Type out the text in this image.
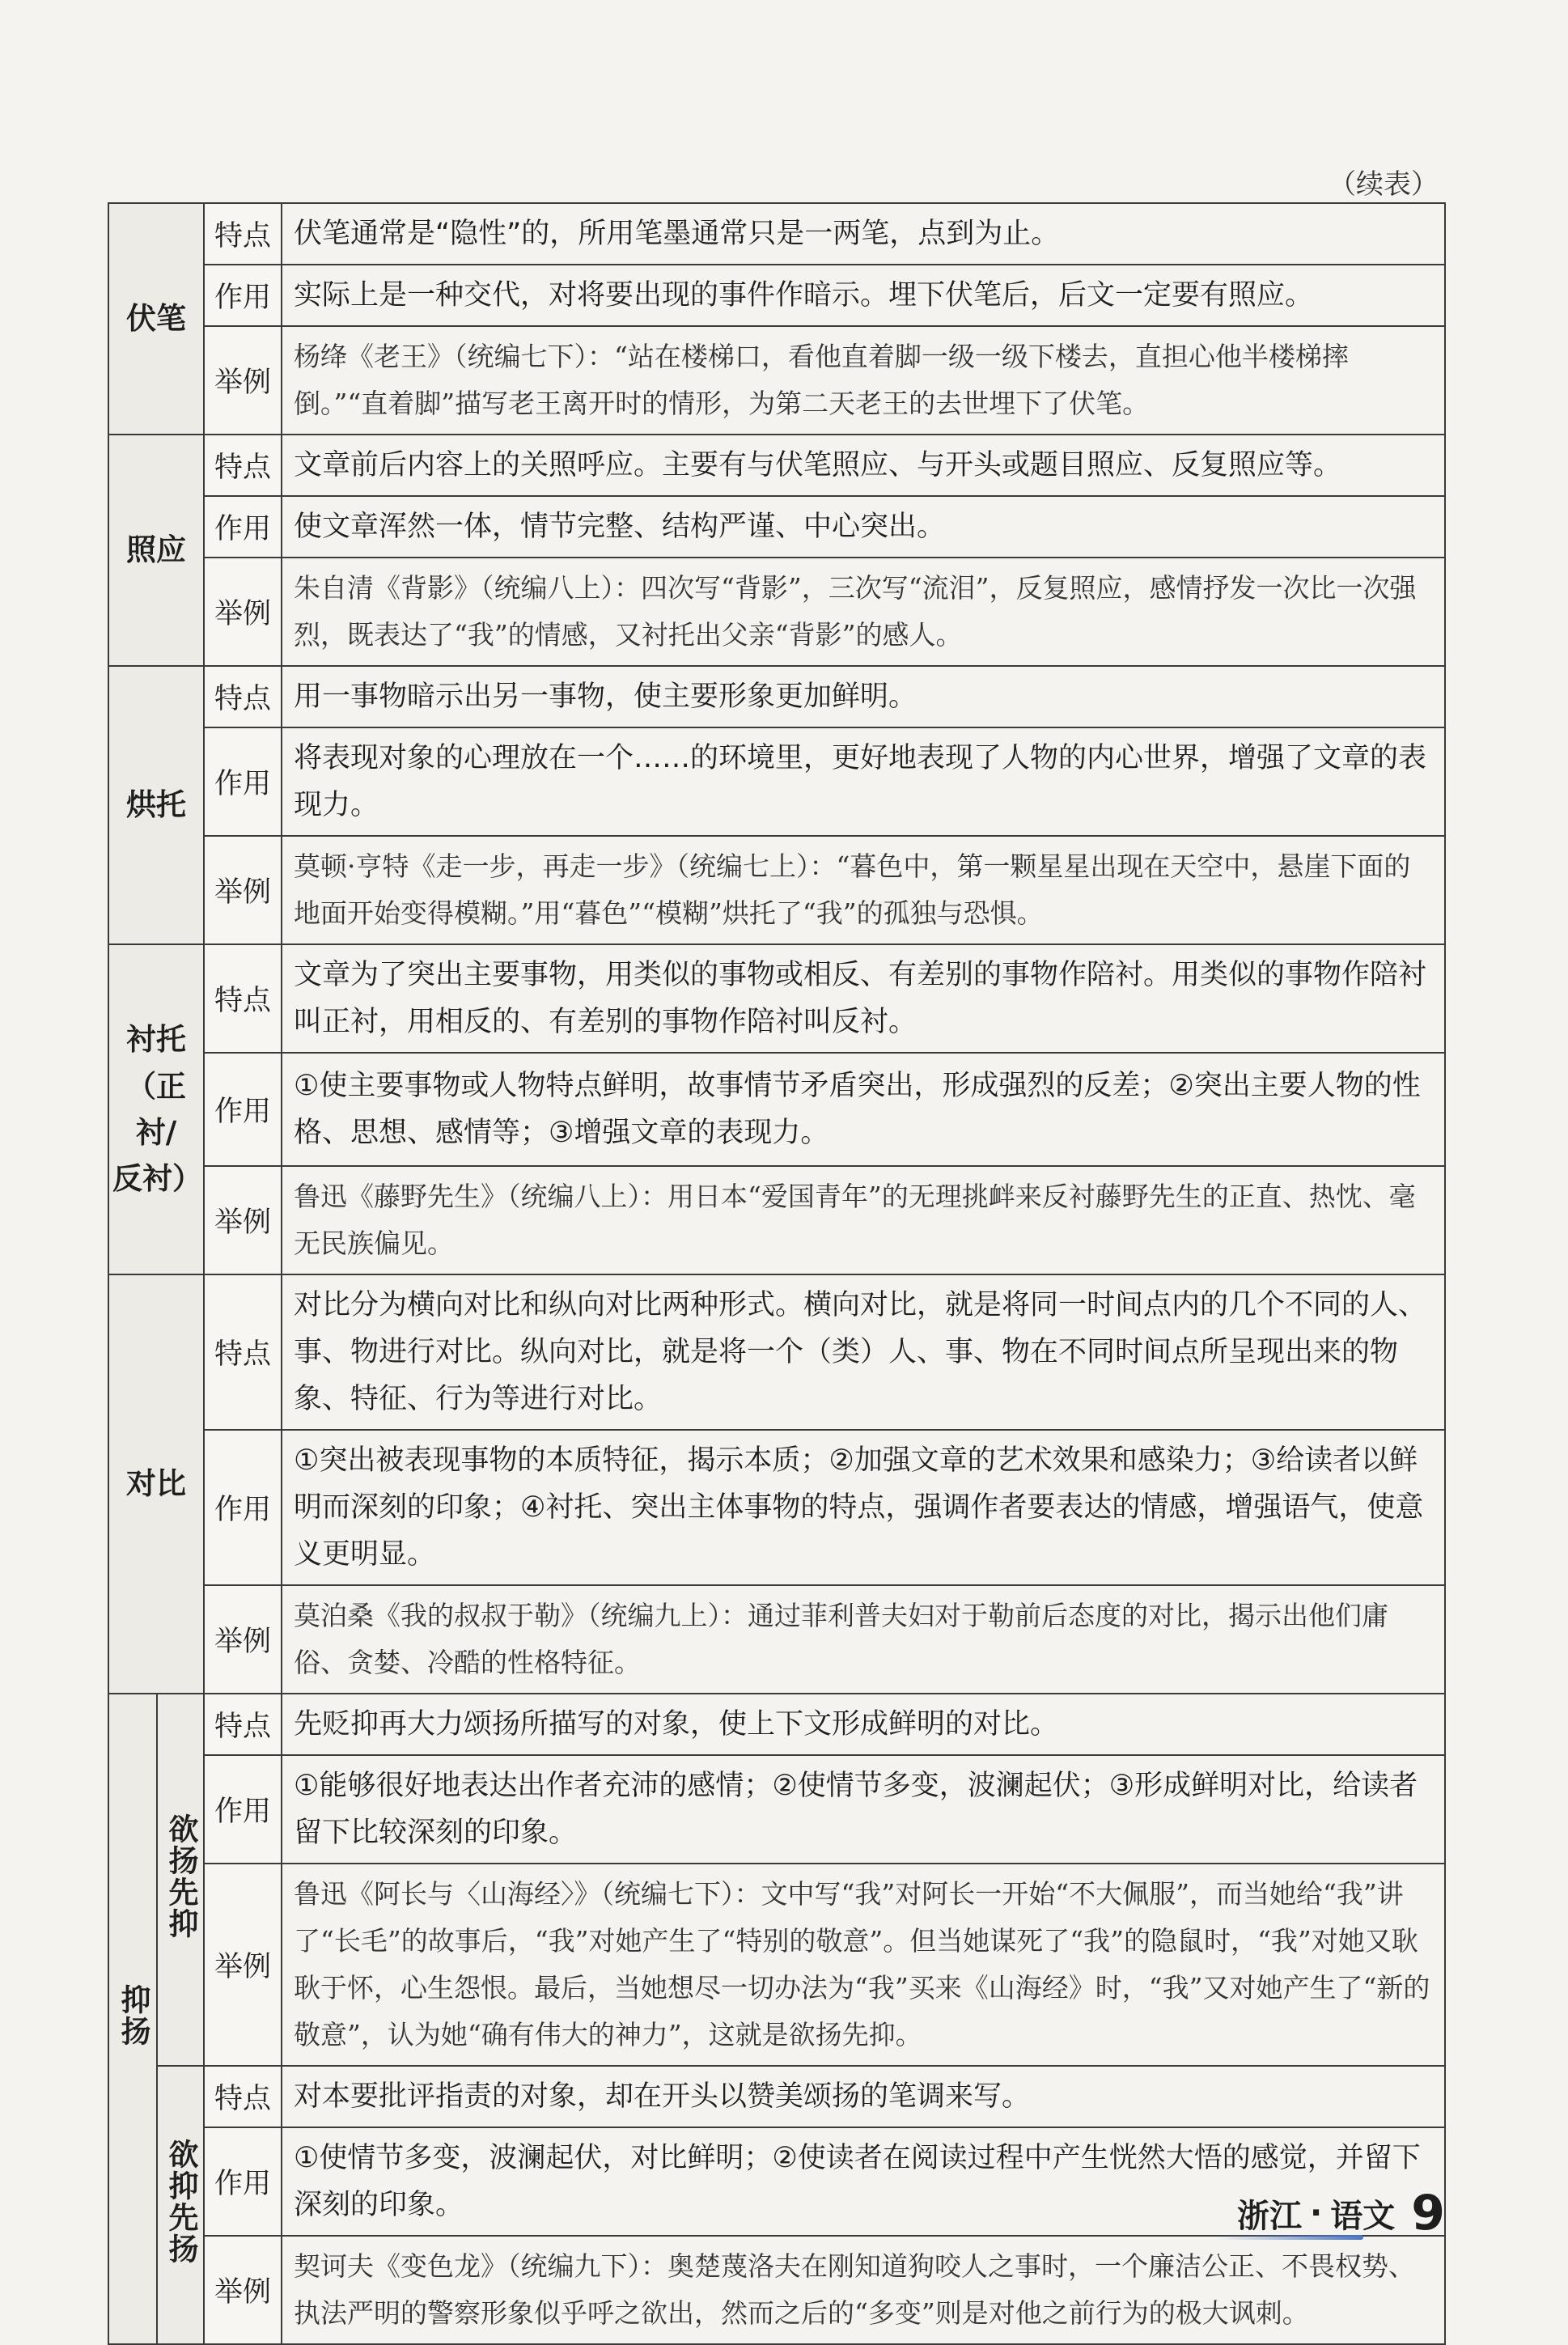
（续表）
伏笔		特点	伏笔通常是“隐性”的，所用笔墨通常只是一两笔，点到为止。
		作用	实际上是一种交代，对将要出现的事件作暗示。埋下伏笔后，后文一定要有照应。
		举例	杨绛《老王》（统编七下）：“站在楼梯口，看他直着脚一级一级下楼去，直担心他半楼梯摔倒。”“直着脚”描写老王离开时的情形，为第二天老王的去世埋下了伏笔。
照应		特点	文章前后内容上的关照呼应。主要有与伏笔照应、与开头或题目照应、反复照应等。
		作用	使文章浑然一体，情节完整、结构严谨、中心突出。
		举例	朱自清《背影》（统编八上）：四次写“背影”，三次写“流泪”，反复照应，感情抒发一次比一次强烈，既表达了“我”的情感，又衬托出父亲“背影”的感人。
烘托		特点	用一事物暗示出另一事物，使主要形象更加鲜明。
		作用	将表现对象的心理放在一个……的环境里，更好地表现了人物的内心世界，增强了文章的表现力。
		举例	莫顿·亨特《走一步，再走一步》（统编七上）：“暮色中，第一颗星星出现在天空中，悬崖下面的地面开始变得模糊。”用“暮色”“模糊”烘托了“我”的孤独与恐惧。

衬托
（正衬/
反衬）		特点	文章为了突出主要事物，用类似的事物或相反、有差别的事物作陪衬。用类似的事物作陪衬叫正衬，用相反的、有差别的事物作陪衬叫反衬。
		作用	①使主要事物或人物特点鲜明，故事情节矛盾突出，形成强烈的反差；②突出主要人物的性格、思想、感情等；③增强文章的表现力。
		举例	鲁迅《藤野先生》（统编八上）：用日本“爱国青年”的无理挑衅来反衬藤野先生的正直、热忱、毫无民族偏见。
对比		特点	对比分为横向对比和纵向对比两种形式。横向对比，就是将同一时间点内的几个不同的人、事、物进行对比。纵向对比，就是将一个（类）人、事、物在不同时间点所呈现出来的物象、特征、行为等进行对比。
		作用	①突出被表现事物的本质特征，揭示本质；②加强文章的艺术效果和感染力；③给读者以鲜明而深刻的印象；④衬托、突出主体事物的特点，强调作者要表达的情感，增强语气，使意义更明显。
		举例	莫泊桑《我的叔叔于勒》（统编九上）：通过菲利普夫妇对于勒前后态度的对比，揭示出他们庸俗、贪婪、冷酷的性格特征。
抑扬	欲扬先抑	特点	先贬抑再大力颂扬所描写的对象，使上下文形成鲜明的对比。
		作用	①能够很好地表达出作者充沛的感情；②使情节多变，波澜起伏；③形成鲜明对比，给读者留下比较深刻的印象。
		举例	鲁迅《阿长与〈山海经〉》（统编七下）：文中写“我”对阿长一开始“不大佩服”，而当她给“我”讲了“长毛”的故事后，“我”对她产生了“特别的敬意”。但当她谋死了“我”的隐鼠时，“我”对她又耿耿于怀，心生怨恨。最后，当她想尽一切办法为“我”买来《山海经》时，“我”又对她产生了“新的敬意”，认为她“确有伟大的神力”，这就是欲扬先抑。
	欲抑先扬	特点	对本要批评指责的对象，却在开头以赞美颂扬的笔调来写。
		作用	①使情节多变，波澜起伏，对比鲜明；②使读者在阅读过程中产生恍然大悟的感觉，并留下深刻的印象。
		举例	契诃夫《变色龙》（统编九下）：奥楚蔑洛夫在刚知道狗咬人之事时，一个廉洁公正、不畏权势、执法严明的警察形象似乎呼之欲出，然而之后的“多变”则是对他之前行为的极大讽刺。
浙江 · 语文 9
